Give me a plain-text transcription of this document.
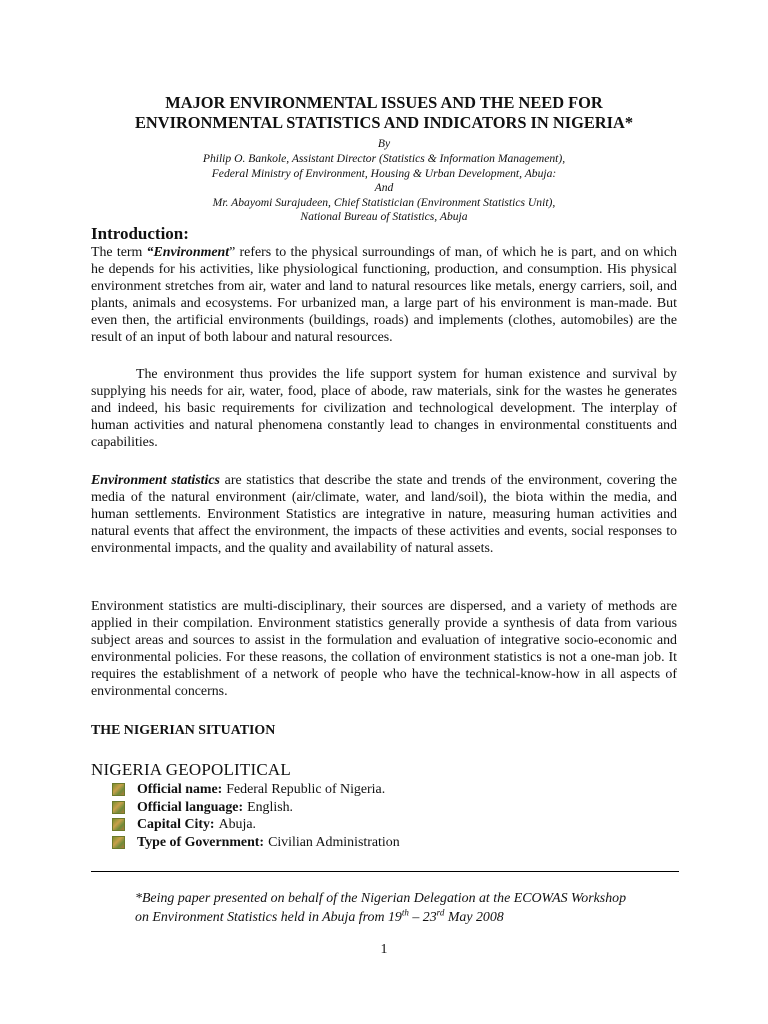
MAJOR ENVIRONMENTAL ISSUES AND THE NEED FOR
ENVIRONMENTAL STATISTICS AND INDICATORS IN NIGERIA*
By
Philip O. Bankole, Assistant Director (Statistics & Information Management),
Federal Ministry of Environment, Housing & Urban Development, Abuja:
And
Mr. Abayomi Surajudeen, Chief Statistician (Environment Statistics Unit),
National Bureau of Statistics, Abuja
Introduction:
The term “Environment” refers to the physical surroundings of man, of which he is part, and on which he depends for his activities, like physiological functioning, production, and consumption. His physical environment stretches from air, water and land to natural resources like metals, energy carriers, soil, and plants, animals and ecosystems. For urbanized man, a large part of his environment is man-made. But even then, the artificial environments (buildings, roads) and implements (clothes, automobiles) are the result of an input of both labour and natural resources.
The environment thus provides the life support system for human existence and survival by supplying his needs for air, water, food, place of abode, raw materials, sink for the wastes he generates and indeed, his basic requirements for civilization and technological development. The interplay of human activities and natural phenomena constantly lead to changes in environmental constituents and capabilities.
Environment statistics are statistics that describe the state and trends of the environment, covering the media of the natural environment (air/climate, water, and land/soil), the biota within the media, and human settlements. Environment Statistics are integrative in nature, measuring human activities and natural events that affect the environment, the impacts of these activities and events, social responses to environmental impacts, and the quality and availability of natural assets.
Environment statistics are multi-disciplinary, their sources are dispersed, and a variety of methods are applied in their compilation. Environment statistics generally provide a synthesis of data from various subject areas and sources to assist in the formulation and evaluation of integrative socio-economic and environmental policies. For these reasons, the collation of environment statistics is not a one-man job. It requires the establishment of a network of people who have the technical-know-how in all aspects of environmental concerns.
THE NIGERIAN SITUATION
NIGERIA GEOPOLITICAL
Official name: Federal Republic of Nigeria.
Official language: English.
Capital City: Abuja.
Type of Government: Civilian Administration
*Being paper presented on behalf of the Nigerian Delegation at the ECOWAS Workshop
on Environment Statistics held in Abuja from 19th – 23rd May 2008
1
